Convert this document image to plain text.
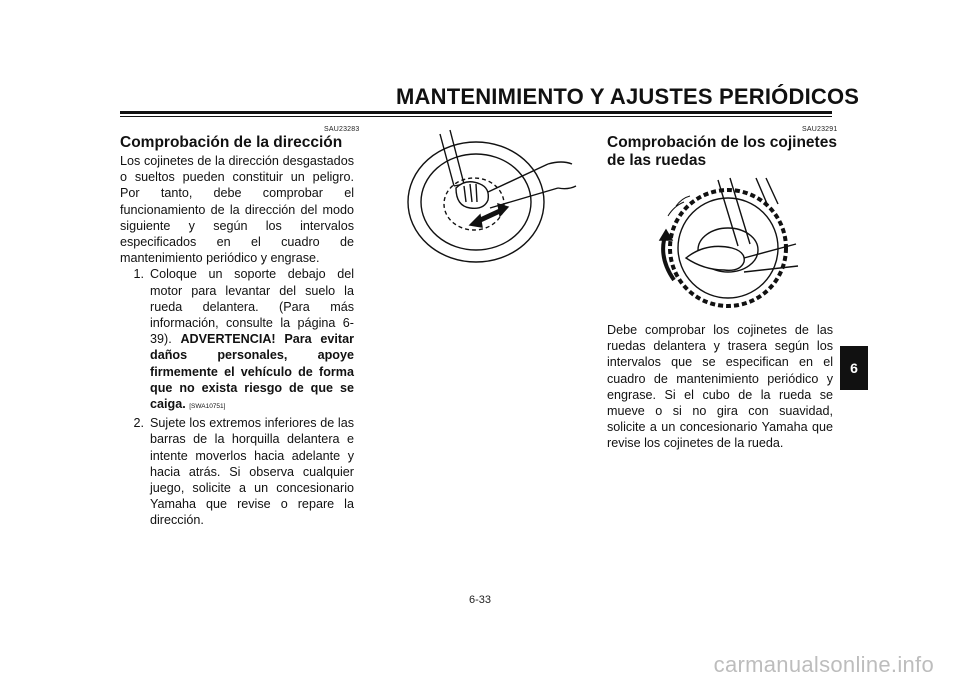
MANTENIMIENTO Y AJUSTES PERIÓDICOS
SAU23283
Comprobación de la dirección

Los cojinetes de la dirección desgastados o sueltos pueden constituir un peligro. Por tanto, debe comprobar el funcionamiento de la dirección del modo siguiente y según los intervalos especificados en el cuadro de mantenimiento periódico y engrase.

1. Coloque un soporte debajo del motor para levantar del suelo la rueda delantera. (Para más información, consulte la página 6-39). ADVERTENCIA! Para evitar daños personales, apoye firmemente el vehículo de forma que no exista riesgo de que se caiga. [SWA10751]
2. Sujete los extremos inferiores de las barras de la horquilla delantera e intente moverlos hacia adelante y hacia atrás. Si observa cualquier juego, solicite a un concesionario Yamaha que revise o repare la dirección.
SAU23291
Comprobación de los cojinetes
de las ruedas
Debe comprobar los cojinetes de las ruedas delantera y trasera según los intervalos que se especifican en el cuadro de mantenimiento periódico y engrase. Si el cubo de la rueda se mueve o si no gira con suavidad, solicite a un concesionario Yamaha que revise los cojinetes de la rueda.
6
6-33
carmanualsonline.info
